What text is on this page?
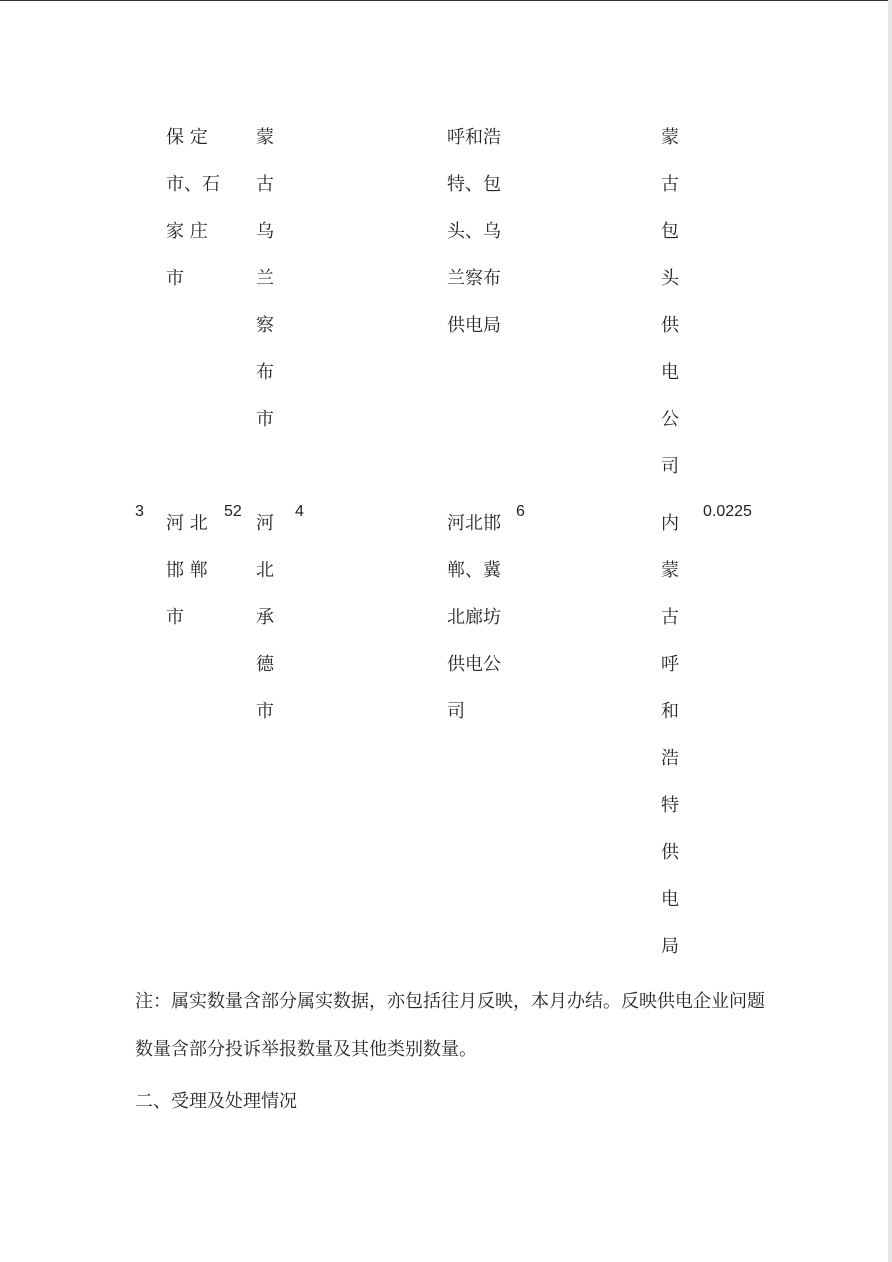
保 定
市、石
家 庄
市
蒙
古
乌
兰
察
布
市
呼和浩
特、包
头、乌
兰察布
供电局
蒙
古
包
头
供
电
公
司
3
河 北
邯 郸
市
52
河
北
承
德
市
4
河北邯
郸、冀
北廊坊
供电公
司
6
内
蒙
古
呼
和
浩
特
供
电
局
0.0225
注：属实数量含部分属实数据，亦包括往月反映，本月办结。反映供电企业问题
数量含部分投诉举报数量及其他类别数量。
二、受理及处理情况
